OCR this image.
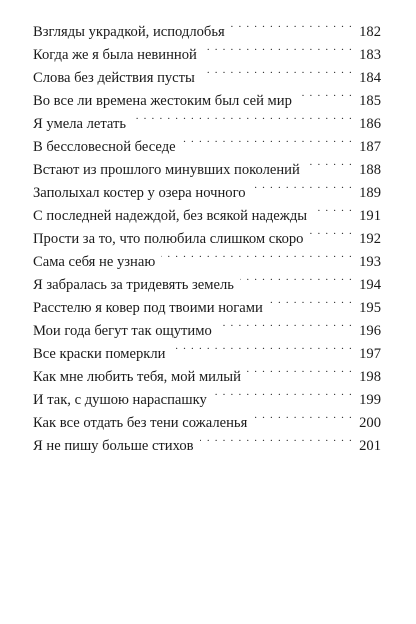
Взгляды украдкой, исподлобья . . .	182
Когда же я была невинной . . .	183
Слова без действия пусты . . .	184
Во все ли времена жестоким был сей мир . . .	185
Я умела летать . . .	186
В бессловесной беседе . . .	187
Встают из прошлого минувших поколений . . .	188
Заполыхал костер у озера ночного . . .	189
С последней надеждой, без всякой надежды . . .	191
Прости за то, что полюбила слишком скоро . . .	192
Сама себя не узнаю . . .	193
Я забралась за тридевять земель . . .	194
Расстелю я ковер под твоими ногами . . .	195
Мои года бегут так ощутимо . . .	196
Все краски померкли . . .	197
Как мне любить тебя, мой милый . . .	198
И так, с душою нараспашку . . .	199
Как все отдать без тени сожаленья . . .	200
Я не пишу больше стихов . . .	201
